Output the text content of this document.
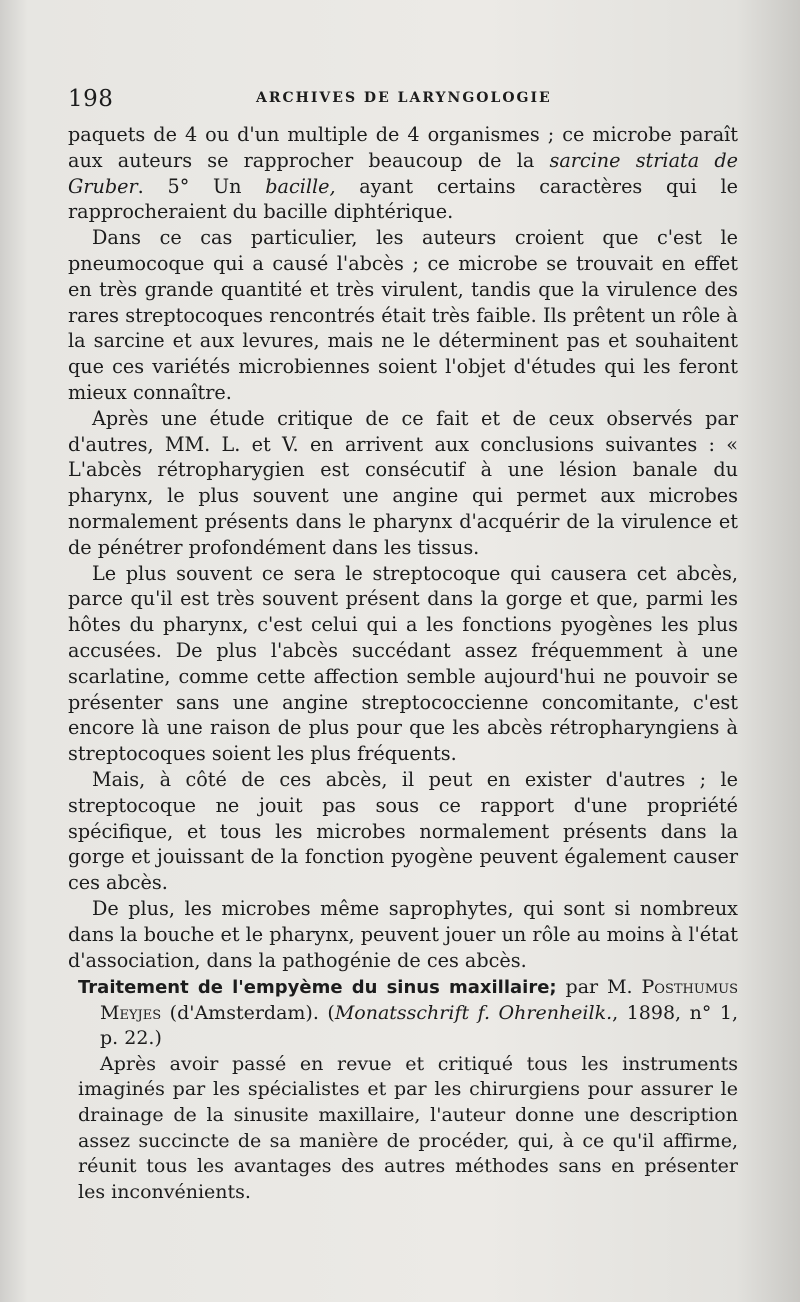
198	ARCHIVES DE LARYNGOLOGIE

paquets de 4 ou d'un multiple de 4 organismes ; ce microbe paraît aux auteurs se rapprocher beaucoup de la sarcine striata de Gruber. 5° Un bacille, ayant certains caractères qui le rapprocheraient du bacille diphtérique.

Dans ce cas particulier, les auteurs croient que c'est le pneumocoque qui a causé l'abcès ; ce microbe se trouvait en effet en très grande quantité et très virulent, tandis que la virulence des rares streptocoques rencontrés était très faible. Ils prêtent un rôle à la sarcine et aux levures, mais ne le déterminent pas et souhaitent que ces variétés microbiennes soient l'objet d'études qui les feront mieux connaître.

Après une étude critique de ce fait et de ceux observés par d'autres, MM. L. et V. en arrivent aux conclusions suivantes : « L'abcès rétropharygien est consécutif à une lésion banale du pharynx, le plus souvent une angine qui permet aux microbes normalement présents dans le pharynx d'acquérir de la virulence et de pénétrer profondément dans les tissus.

Le plus souvent ce sera le streptocoque qui causera cet abcès, parce qu'il est très souvent présent dans la gorge et que, parmi les hôtes du pharynx, c'est celui qui a les fonctions pyogènes les plus accusées. De plus l'abcès succédant assez fréquemment à une scarlatine, comme cette affection semble aujourd'hui ne pouvoir se présenter sans une angine streptococcienne concomitante, c'est encore là une raison de plus pour que les abcès rétropharyngiens à streptocoques soient les plus fréquents.

Mais, à côté de ces abcès, il peut en exister d'autres ; le streptocoque ne jouit pas sous ce rapport d'une propriété spécifique, et tous les microbes normalement présents dans la gorge et jouissant de la fonction pyogène peuvent également causer ces abcès.

De plus, les microbes même saprophytes, qui sont si nombreux dans la bouche et le pharynx, peuvent jouer un rôle au moins à l'état d'association, dans la pathogénie de ces abcès.

Traitement de l'empyème du sinus maxillaire; par M. Posthumus Meyjes (d'Amsterdam). (Monatsschrift f. Ohrenheilk., 1898, n° 1, p. 22.)

Après avoir passé en revue et critiqué tous les instruments imaginés par les spécialistes et par les chirurgiens pour assurer le drainage de la sinusite maxillaire, l'auteur donne une description assez succincte de sa manière de procéder, qui, à ce qu'il affirme, réunit tous les avantages des autres méthodes sans en présenter les inconvénients.
